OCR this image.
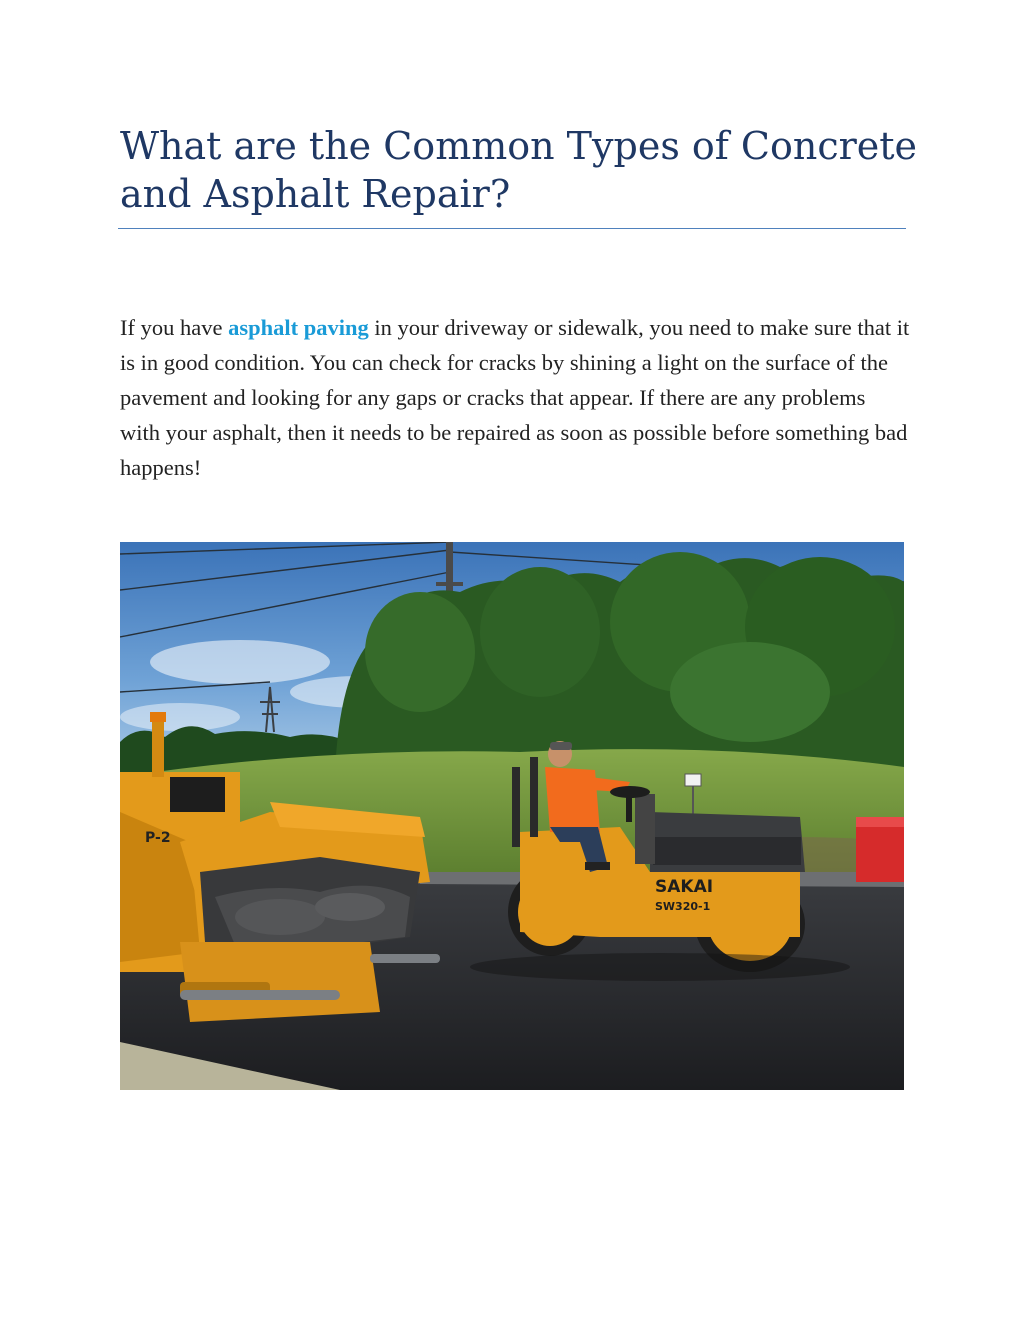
What are the Common Types of Concrete
and Asphalt Repair?

If you have asphalt paving in your driveway or sidewalk, you need to make sure that it is in good condition. You can check for cracks by shining a light on the surface of the pavement and looking for any gaps or cracks that appear. If there are any problems with your asphalt, then it needs to be repaired as soon as possible before something bad happens!

P-2
SAKAI
SW320-1
